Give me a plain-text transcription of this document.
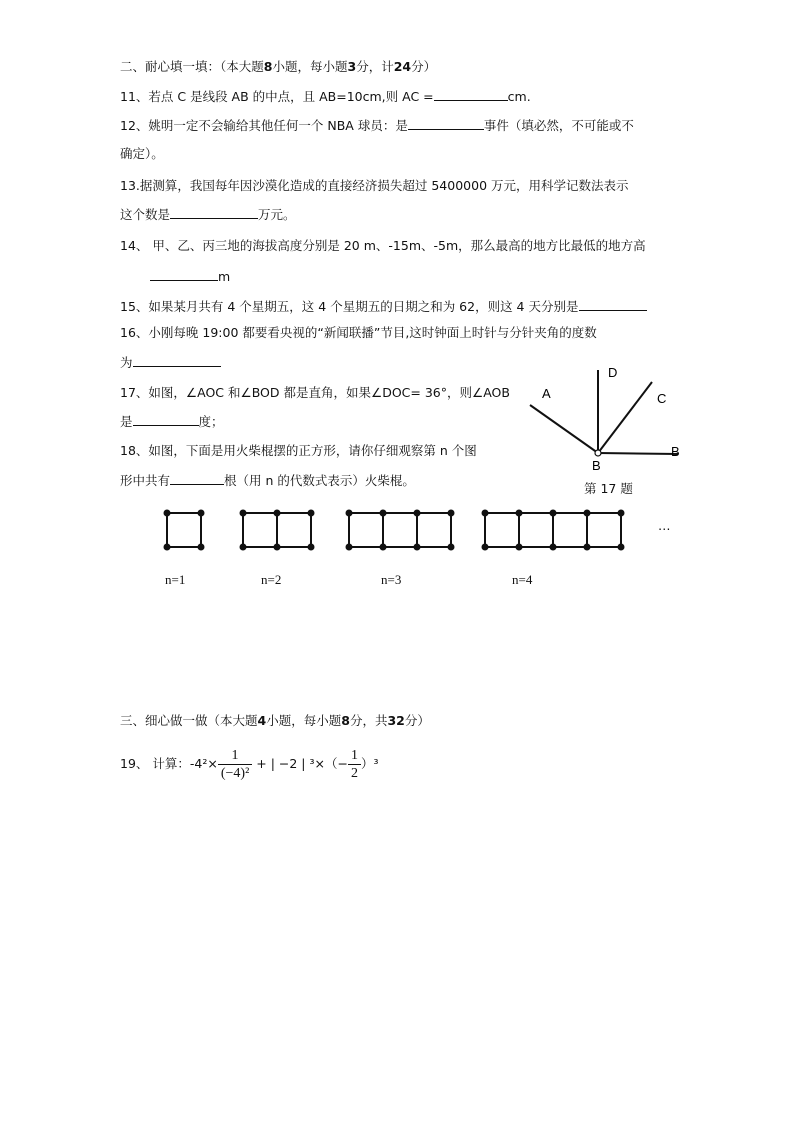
二、耐心填一填：（本大题8小题，每小题3分，计24分）
11、若点 C 是线段 AB 的中点，且 AB=10cm,则 AC =	cm.
12、姚明一定不会输给其他任何一个 NBA 球员：是	事件（填必然，不可能或不
确定）。
13.据测算，我国每年因沙漠化造成的直接经济损失超过 5400000 万元，用科学记数法表示
这个数是	万元。
14、 甲、乙、丙三地的海拔高度分别是 20 m、-15m、-5m，那么最高的地方比最低的地方高
m
15、如果某月共有 4 个星期五，这 4 个星期五的日期之和为 62，则这 4 天分别是
16、小刚每晚 19:00 都要看央视的“新闻联播”节目,这时钟面上时针与分针夹角的度数
为
17、如图，∠AOC 和∠BOD 都是直角，如果∠DOC= 36°，则∠AOB
是	度；
18、如图，下面是用火柴棍摆的正方形，请你仔细观察第 n 个图
形中共有	根（用 n 的代数式表示）火柴棍。
A
D
C
B
B
第 17 题
…
n=1	n=2	n=3	n=4
三、细心做一做（本大题4小题，每小题8分，共32分）
19、 计算：$-4^2\times \frac{1}{\text{(−4)²}}$ + | −2 | $^3\times(- \frac{1}{2} )^3$
